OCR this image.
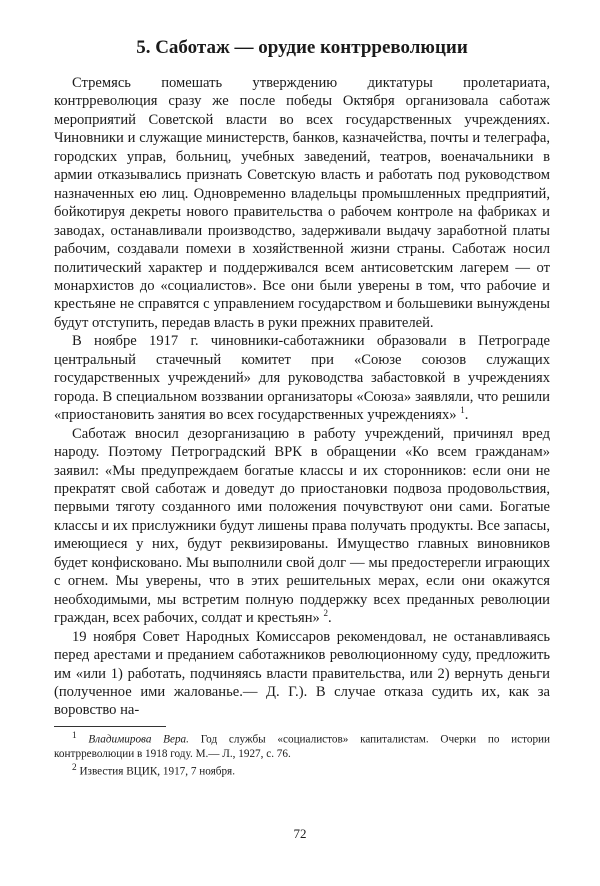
5. Саботаж — орудие контрреволюции

Стремясь помешать утверждению диктатуры пролетариата, контрреволюция сразу же после победы Октября организовала саботаж мероприятий Советской власти во всех государственных учреждениях. Чиновники и служащие министерств, банков, казначейства, почты и телеграфа, городских управ, больниц, учебных заведений, театров, военачальники в армии отказывались признать Советскую власть и работать под руководством назначенных ею лиц. Одновременно владельцы промышленных предприятий, бойкотируя декреты нового правительства о рабочем контроле на фабриках и заводах, останавливали производство, задерживали выдачу заработной платы рабочим, создавали помехи в хозяйственной жизни страны. Саботаж носил политический характер и поддерживался всем антисоветским лагерем — от монархистов до «социалистов». Все они были уверены в том, что рабочие и крестьяне не справятся с управлением государством и большевики вынуждены будут отступить, передав власть в руки прежних правителей.

В ноябре 1917 г. чиновники-саботажники образовали в Петрограде центральный стачечный комитет при «Союзе союзов служащих государственных учреждений» для руководства забастовкой в учреждениях города. В специальном воззвании организаторы «Союза» заявляли, что решили «приостановить занятия во всех государственных учреждениях» $^1$.

Саботаж вносил дезорганизацию в работу учреждений, причинял вред народу. Поэтому Петроградский ВРК в обращении «Ко всем гражданам» заявил: «Мы предупреждаем богатые классы и их сторонников: если они не прекратят свой саботаж и доведут до приостановки подвоза продовольствия, первыми тяготу созданного ими положения почувствуют они сами. Богатые классы и их прислужники будут лишены права получать продукты. Все запасы, имеющиеся у них, будут реквизированы. Имущество главных виновников будет конфисковано. Мы выполнили свой долг — мы предостерегли играющих с огнем. Мы уверены, что в этих решительных мерах, если они окажутся необходимыми, мы встретим полную поддержку всех преданных революции граждан, всех рабочих, солдат и крестьян» $^2$.

19 ноября Совет Народных Комиссаров рекомендовал, не останавливаясь перед арестами и преданием саботажников революционному суду, предложить им «или 1) работать, подчиняясь власти правительства, или 2) вернуть деньги (полученное ими жалованье.— Д. Г.). В случае отказа судить их, как за воровство на-

$^1$ Владимирова Вера. Год службы «социалистов» капиталистам. Очерки по истории контрреволюции в 1918 году. М.— Л., 1927, с. 76.

$^2$ Известия ВЦИК, 1917, 7 ноября.

72
